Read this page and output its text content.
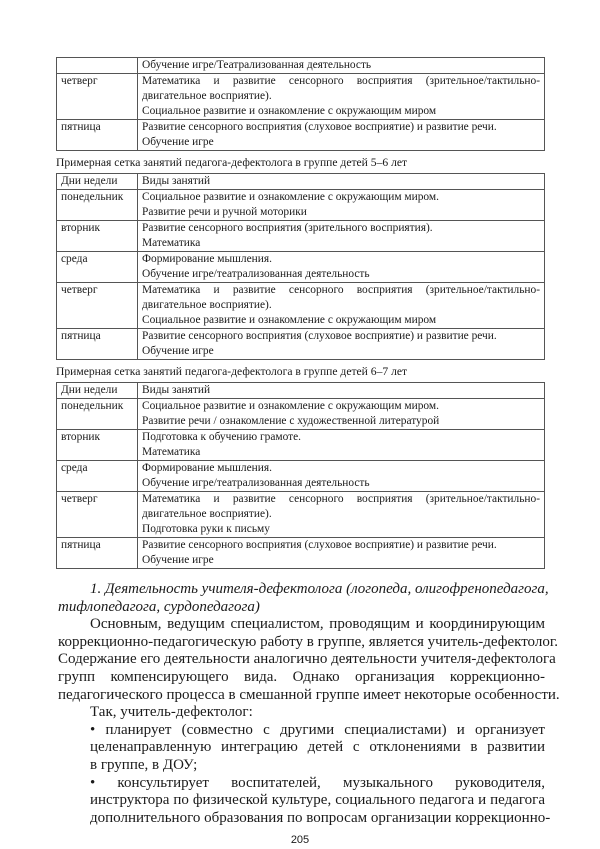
	Обучение игре/Театрализованная деятельность

четверг	Математика и развитие сенсорного восприятия (зрительное/тактильно-
двигательное восприятие).
Социальное развитие и ознакомление с окружающим миром

пятница	Развитие сенсорного восприятия (слуховое восприятие) и развитие речи.
Обучение игре
Примерная сетка занятий педагога-дефектолога в группе детей 5–6 лет
Дни недели	Виды занятий
понедельник	Социальное развитие и ознакомление с окружающим миром.
Развитие речи и ручной моторики

вторник	Развитие сенсорного восприятия (зрительного восприятия).
Математика

среда	Формирование мышления.
Обучение игре/театрализованная деятельность

четверг	Математика и развитие сенсорного восприятия (зрительное/тактильно-
двигательное восприятие).
Социальное развитие и ознакомление с окружающим миром

пятница	Развитие сенсорного восприятия (слуховое восприятие) и развитие речи.
Обучение игре
Примерная сетка занятий педагога-дефектолога в группе детей 6–7 лет
Дни недели	Виды занятий
понедельник	Социальное развитие и ознакомление с окружающим миром.
Развитие речи / ознакомление с художественной литературой

вторник	Подготовка к обучению грамоте.
Математика

среда	Формирование мышления.
Обучение игре/театрализованная деятельность

четверг	Математика и развитие сенсорного восприятия (зрительное/тактильно-
двигательное восприятие).
Подготовка руки к письму

пятница	Развитие сенсорного восприятия (слуховое восприятие) и развитие речи.
Обучение игре
1. Деятельность учителя-дефектолога (логопеда, олигофренопедагога,
тифлопедагога, сурдопедагога)
Основным, ведущим специалистом, проводящим и координирующим
коррекционно-педагогическую работу в группе, является учитель-дефектолог.
Содержание его деятельности аналогично деятельности учителя-дефектолога
групп компенсирующего вида. Однако организация коррекционно-
педагогического процесса в смешанной группе имеет некоторые особенности.
Так, учитель-дефектолог:
• планирует (совместно с другими специалистами) и организует
целенаправленную интеграцию детей с отклонениями в развитии
в группе, в ДОУ;
• консультирует воспитателей, музыкального руководителя,
инструктора по физической культуре, социального педагога и педагога
дополнительного образования по вопросам организации коррекционно-
205
